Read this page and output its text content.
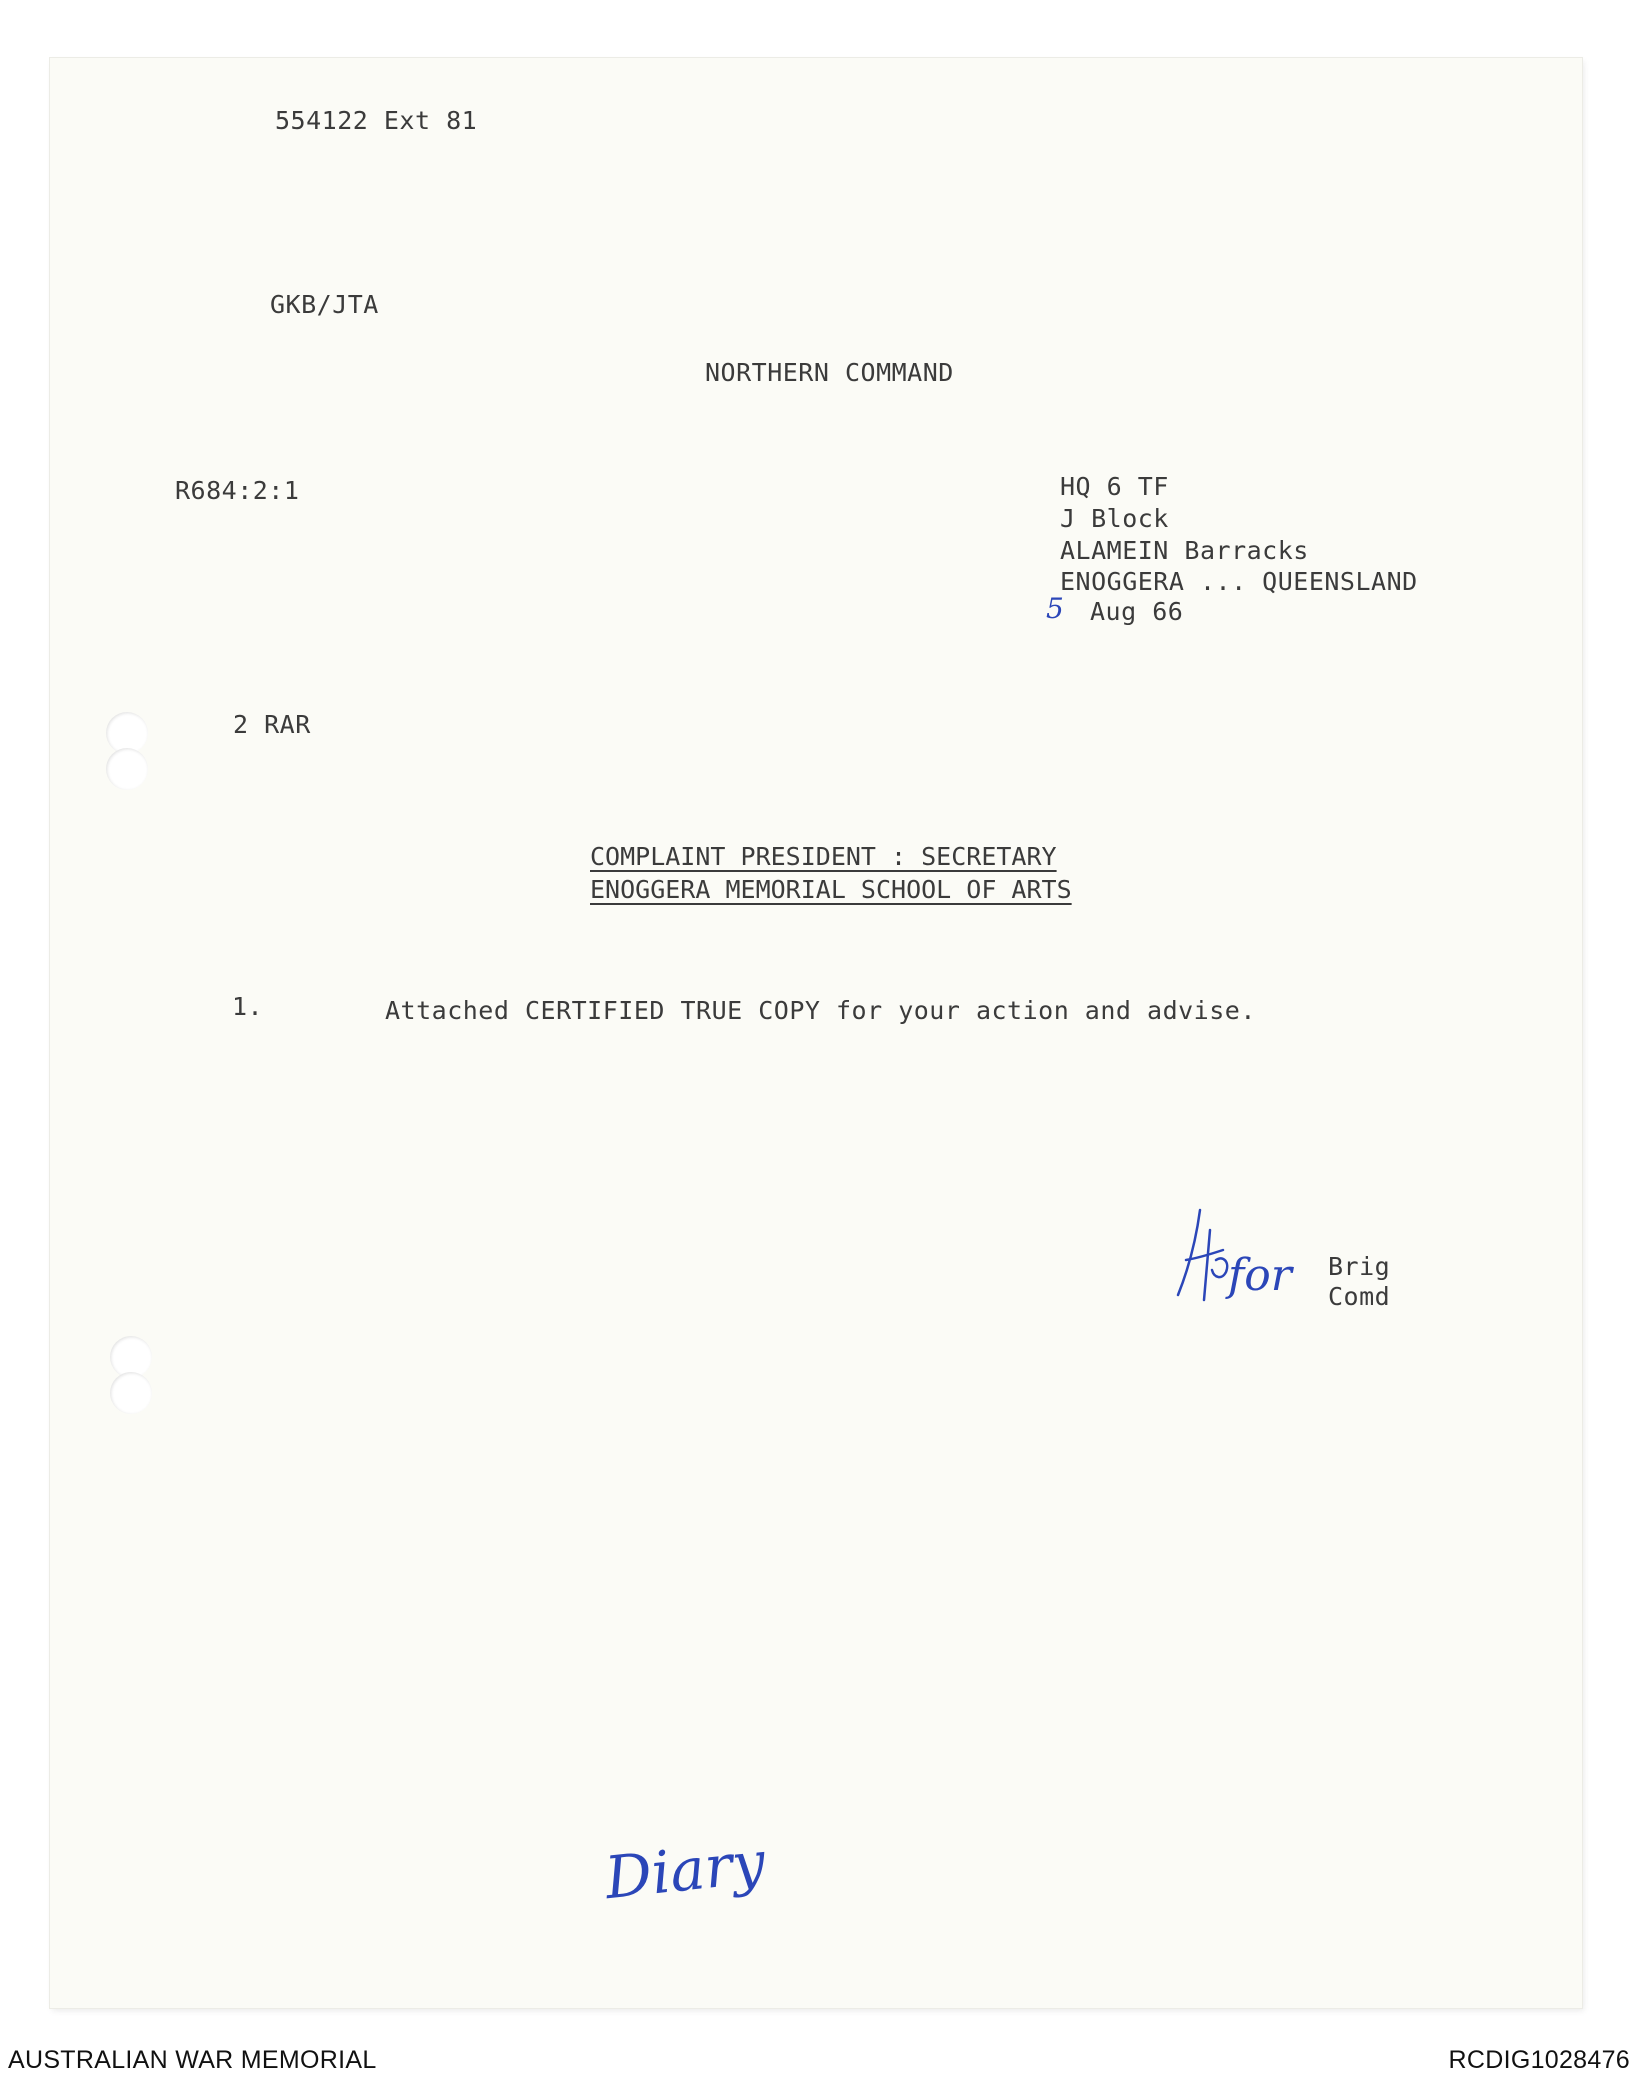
554122 Ext 81
GKB/JTA
NORTHERN COMMAND
R684:2:1	HQ 6 TF
J Block
ALAMEIN Barracks
ENOGGERA ... QUEENSLAND
5 Aug 66
2 RAR
COMPLAINT PRESIDENT : SECRETARY
ENOGGERA MEMORIAL SCHOOL OF ARTS
1.	Attached CERTIFIED TRUE COPY for your action and advise.
for Brig
Comd
Diary
AUSTRALIAN WAR MEMORIAL	RCDIG1028476
